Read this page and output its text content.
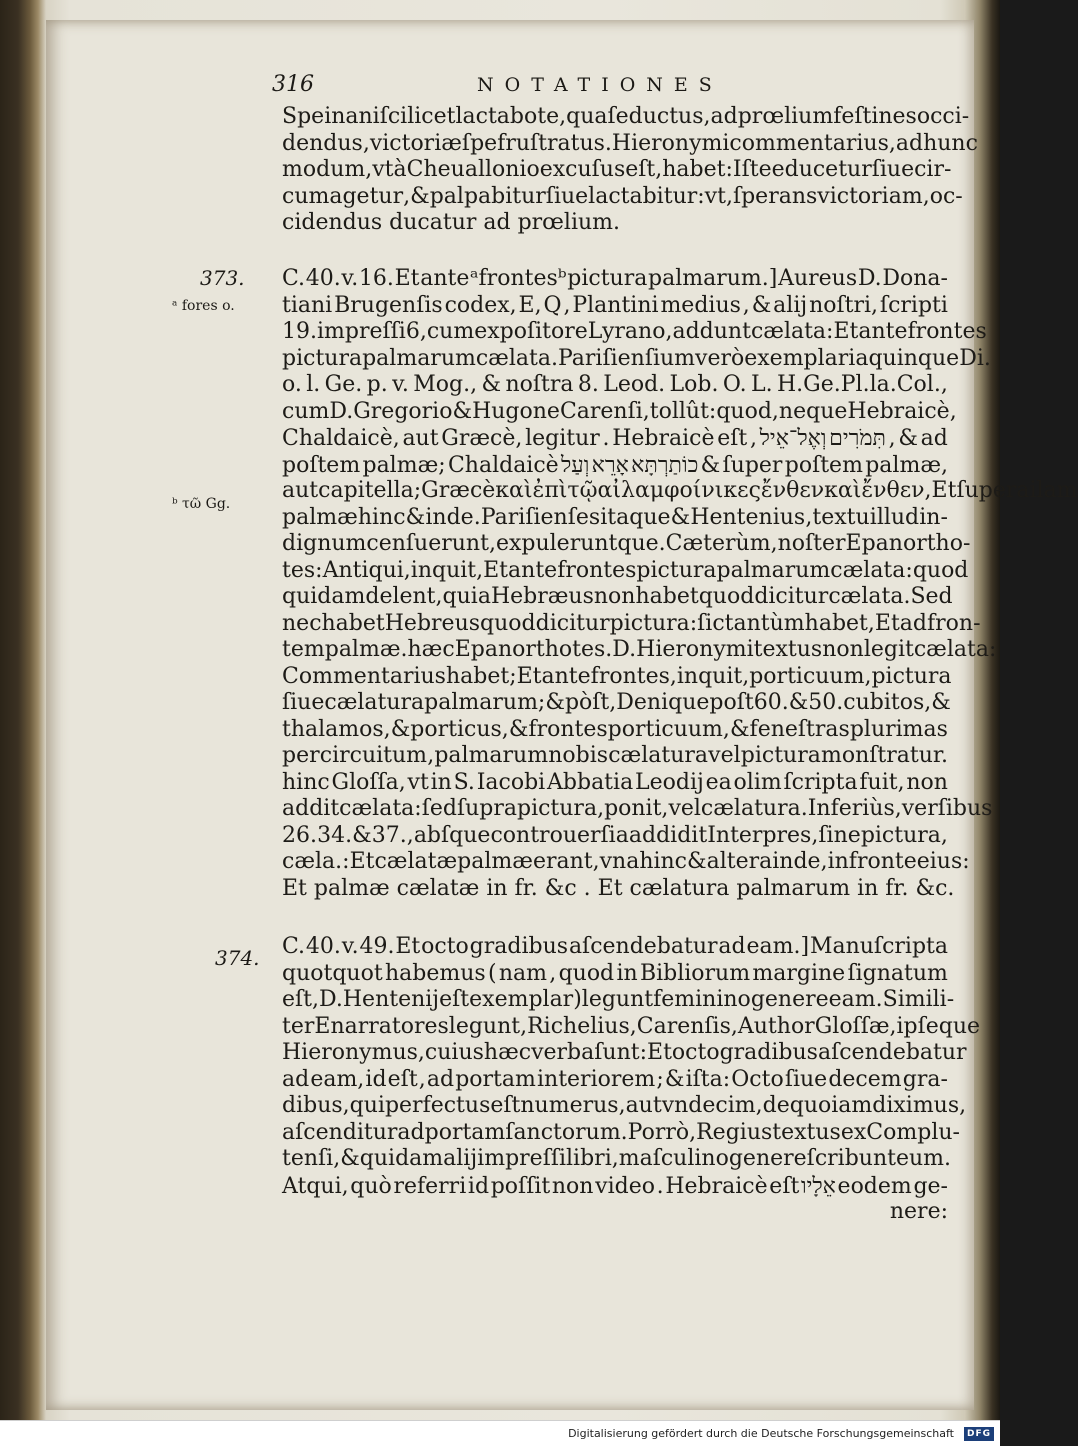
316	NOTATIONES
Spe inani ſcilicet lactabo te, qua ſeductus, ad prœlium feſtines occi-
dendus, victoriæ ſpe fruſtratus. Hieronymi commentarius, ad hunc
modum , vt à Cheuallonio excuſus eſt, habet: Iſte educetur ſiue cir-
cumagetur , & palpabitur ſiue lactabitur : vt , ſperans victoriam, oc-
cidendus ducatur ad prœlium.
373.
ᵃ fores o.
ᵇ τῶ Gg.
C. 40. v. 16. Et ante ᵃfrontesᵇ pictura palmarum.] Aureus D. Dona-
tiani Brugenſis codex, E, Q , Plantini medius , & alij noſtri, ſcripti
19. impreſſi 6 , cum expoſitore Lyrano, addunt cælata : Et ante frontes
pictura palmarum cælata. Pariſienſium verò exemplaria quinque Di.
o. l. Ge. p. v. Mog., & noſtra 8. Leod. Lob. O. L. H.Ge.Pl.la.Col.,
cum D. Gregorio & Hugone Carenſi, tollût:quod, neque Hebraicè,
Chaldaicè, aut Græcè, legitur . Hebraicè eſt , וְאֶל־אֵיל תִּמֹרִים , & ad
poſtem palmæ; Chaldaicè וְעַל אָרֵא כוֹתַרְתָּא & ſuper poſtem palmæ,
aut capitella; Græcè καὶ ἐπὶ τῷ αἰλαμ φοίνικες ἔνθεν καὶ ἔνθεν, Et ſuper ailam
palmæ hinc & inde . Pariſienſes itaque & Hentenius , textu illud in-
dignum cenſuerunt , expuleruntque . Cæterùm , noſter Epanortho-
tes: Antiqui , inquit, Et ante frontes pictura palmarum cælata: quod
quidam delent, quia Hebræus non habet quod dicitur cælata . Sed
nec habet Hebreus quod dicitur pictura: ſic tantùm habet, Et ad fron-
tem palmæ. hæc Epanorthotes. D. Hieronymi textus non legit cælata:
Commentarius habet; Et ante frontes, inquit, porticuum, pictura
ſiue cælatura palmarum; & pòſt, Denique poſt 60. & 50. cubitos, &
thalamos, & porticus, & frontes porticuum, & feneſtras plurimas
per circuitum , palmarum nobis cælatura vel pictura monſtratur.
hinc Gloſſa, vt in S. Iacobi Abbatia Leodij ea olim ſcripta fuit, non
addit cælata: ſed ſupra pictura, ponit, vel cælatura. Inferiùs, verſibus
26 . 34. & 37., abſque controuerſia addidit Interpres, ſine pictura,
cæla. : Et cælatæ palmæ erant, vna hinc & altera inde, in fronte eius:
Et palmæ cælatæ in fr. &c . Et cælatura palmarum in fr. &c.
374. C. 40. v. 49. Et octo gradibus aſcendebatur ad eam.] Manuſcripta
quotquot habemus ( nam , quod in Bibliorum margine ſignatum
eſt, D. Hentenij eſt exemplar ) legunt feminino genere eam. Simili-
ter Enarratores legunt, Richelius, Carenſis, Author Gloſſæ, ipſeque
Hieronymus , cuius hæc verba ſunt : Et octo gradibus aſcendebatur
ad eam, id eſt , ad portam interiorem ; & iſta: Octo ſiue decem gra-
dibus, qui perfectus eſt numerus, aut vndecim, de quo iam diximus,
aſcenditur ad portam ſanctorum. Porrò, Regius textus ex Complu-
tenſi, & quidam alij impreſſi libri , maſculino genere ſcribunt eum.
Atqui, quò referri id poſſit non video . Hebraicè eſt אֵלָיו eodem ge-
nere:
Digitalisierung gefördert durch die Deutsche Forschungsgemeinschaft	DFG
